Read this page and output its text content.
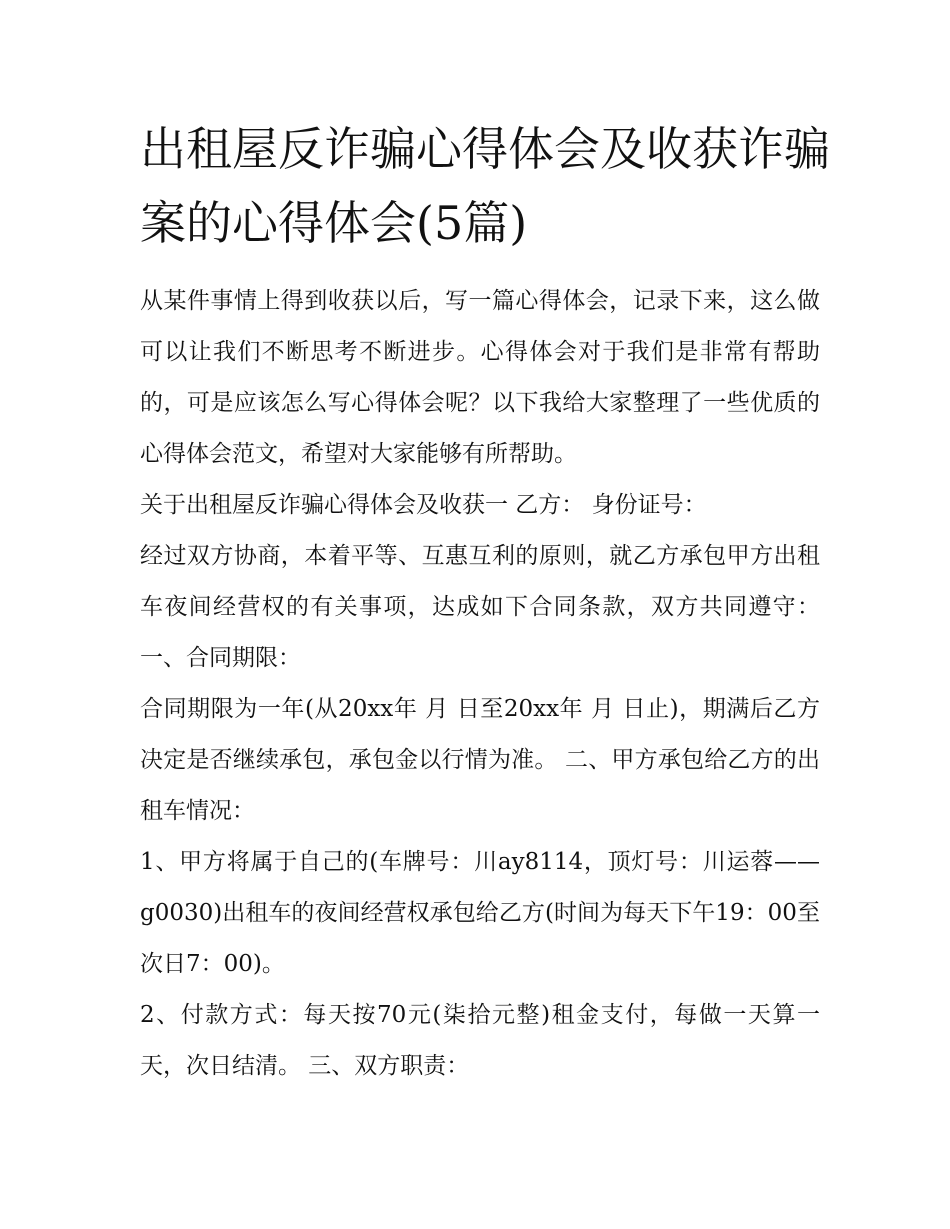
出租屋反诈骗心得体会及收获诈骗案的心得体会(5篇)

从某件事情上得到收获以后，写一篇心得体会，记录下来，这么做可以让我们不断思考不断进步。心得体会对于我们是非常有帮助的，可是应该怎么写心得体会呢？以下我给大家整理了一些优质的心得体会范文，希望对大家能够有所帮助。

关于出租屋反诈骗心得体会及收获一 乙方： 身份证号：

经过双方协商，本着平等、互惠互利的原则，就乙方承包甲方出租车夜间经营权的有关事项，达成如下合同条款，双方共同遵守： 一、合同期限：

合同期限为一年(从20xx年 月 日至20xx年 月 日止)，期满后乙方决定是否继续承包，承包金以行情为准。 二、甲方承包给乙方的出租车情况：

1、甲方将属于自己的(车牌号：川ay8114，顶灯号：川运蓉——g0030)出租车的夜间经营权承包给乙方(时间为每天下午19：00至次日7：00)。

2、付款方式：每天按70元(柒拾元整)租金支付，每做一天算一天，次日结清。 三、双方职责：
